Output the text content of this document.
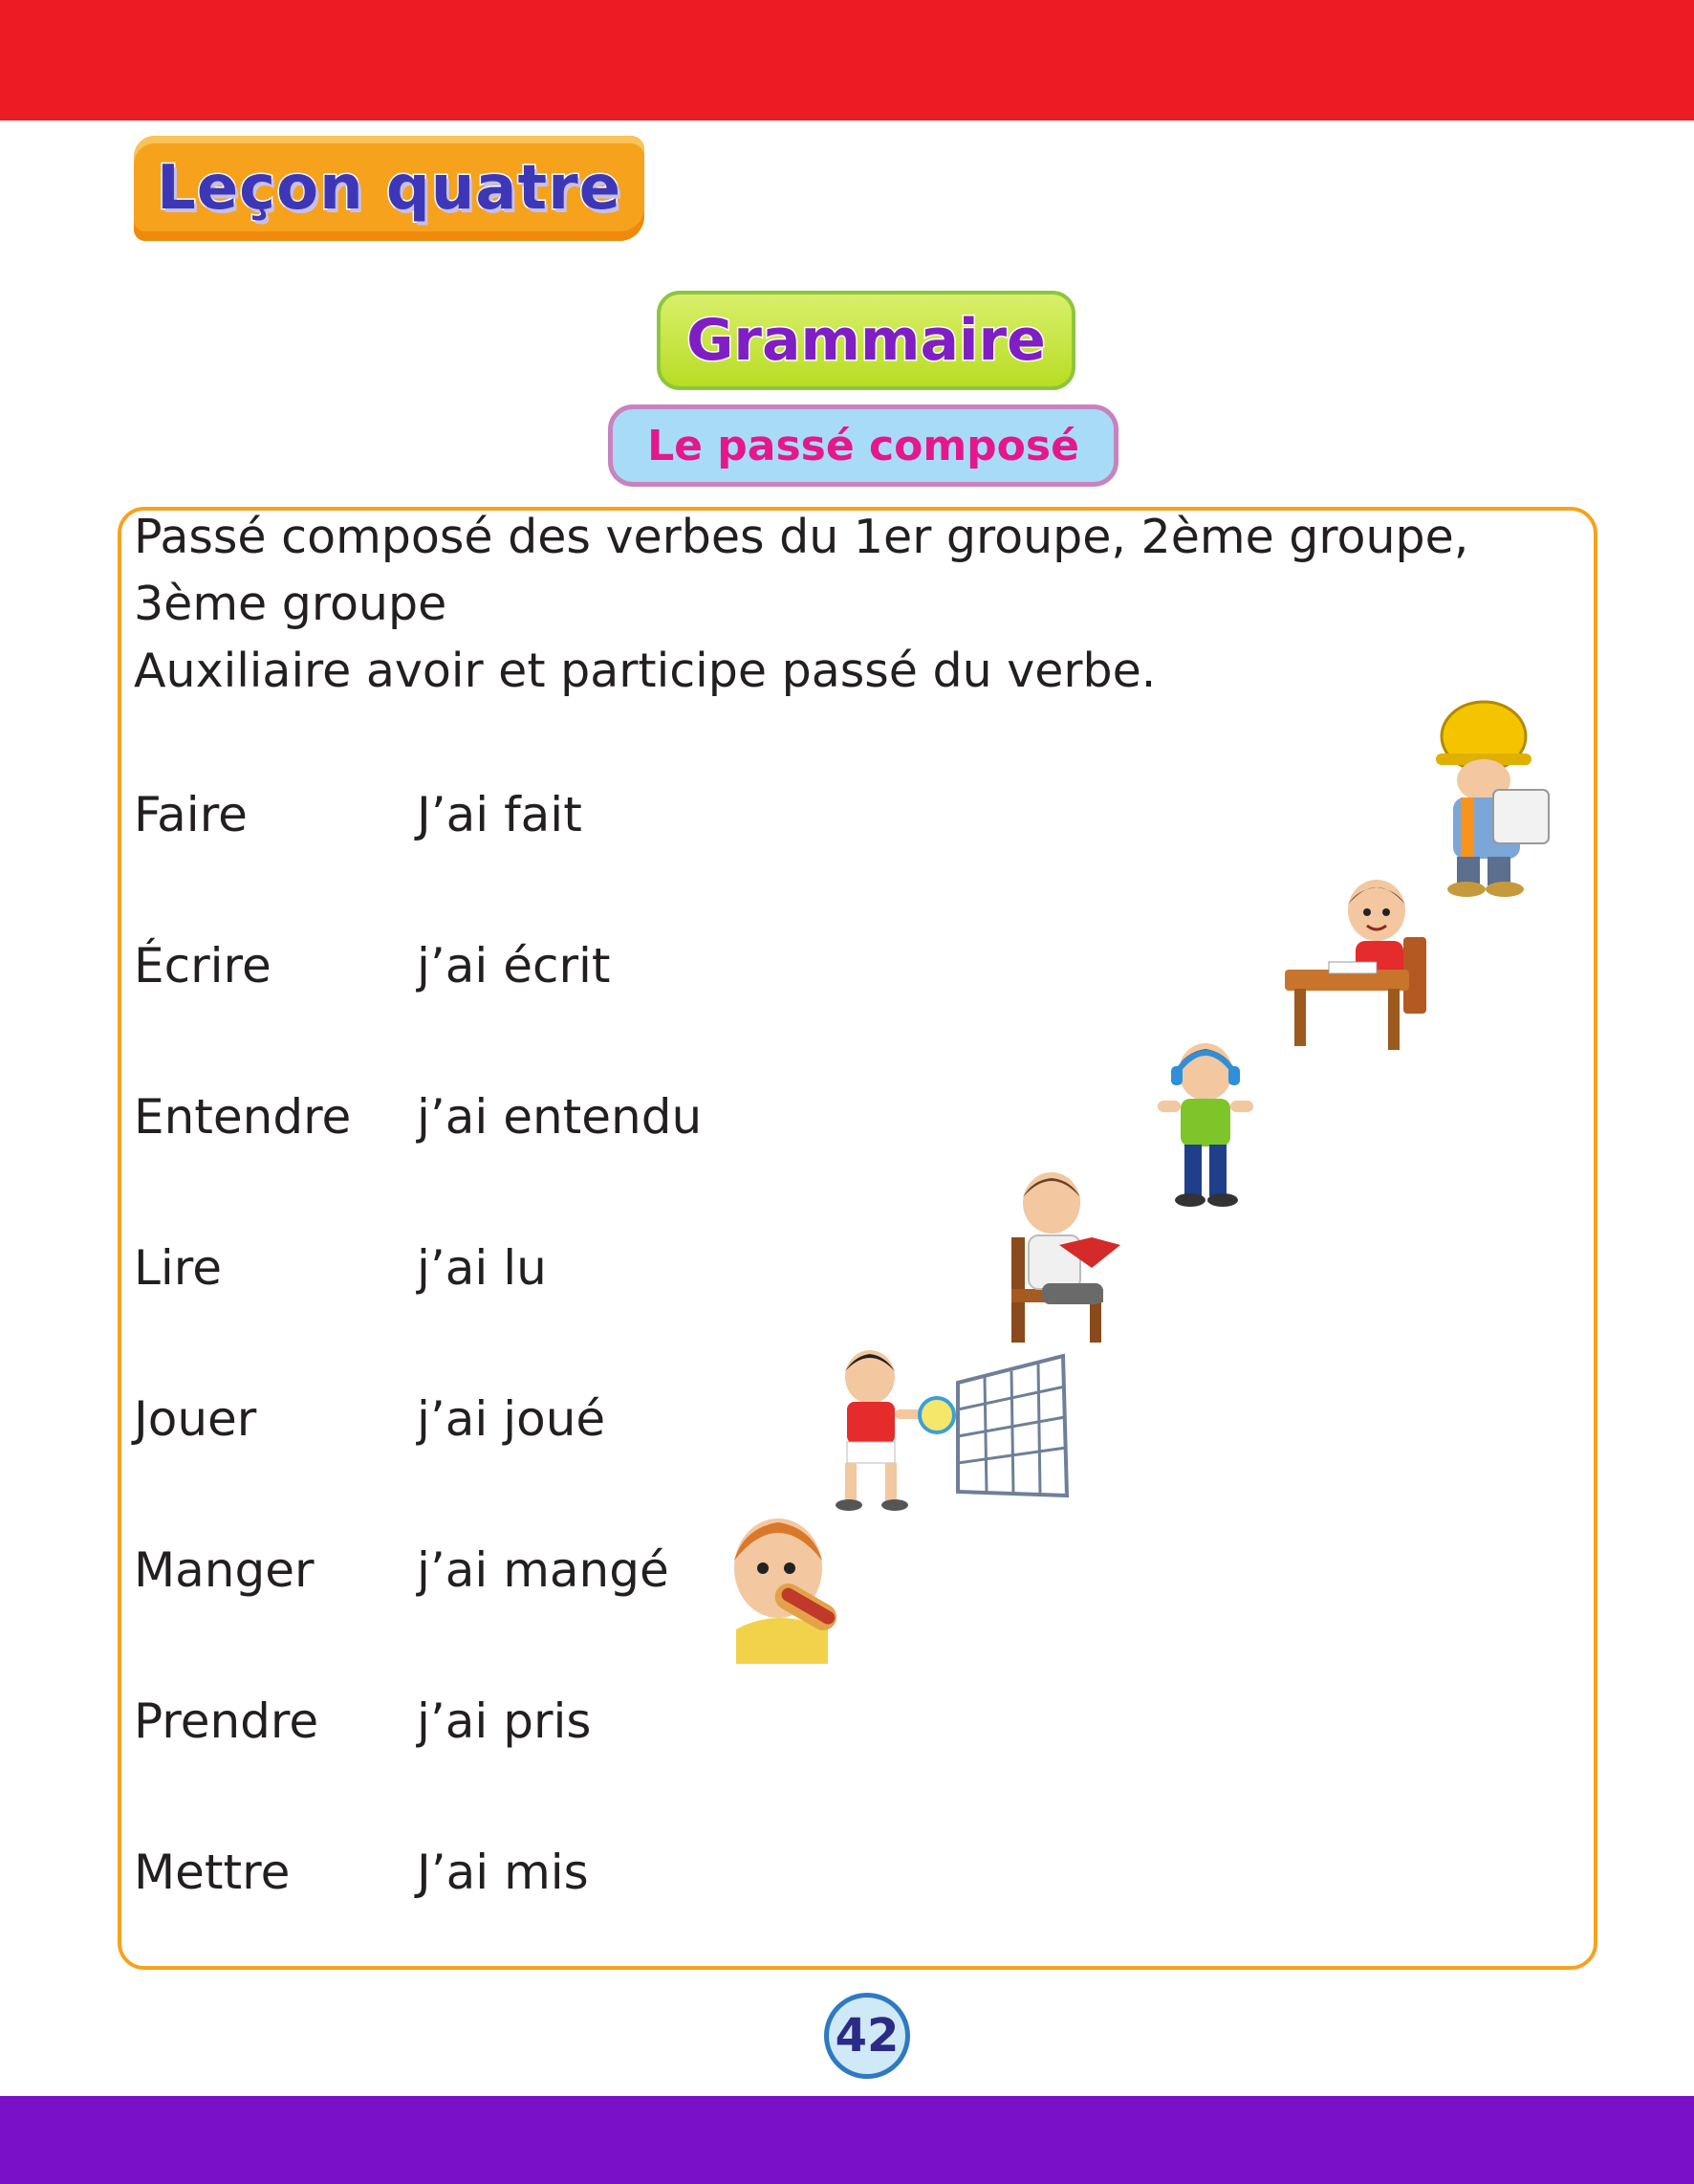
Leçon quatre
Grammaire
Le passé composé

Passé composé des verbes du 1er groupe, 2ème groupe,

3ème groupe

Auxiliaire avoir et participe passé du verbe.

Faire	J’ai fait
Écrire	j’ai écrit
Entendre j’ai entendu
Lire	j’ai lu
Jouer	j’ai joué
Manger j’ai mangé
Prendre j’ai pris
Mettre	J’ai mis
42
